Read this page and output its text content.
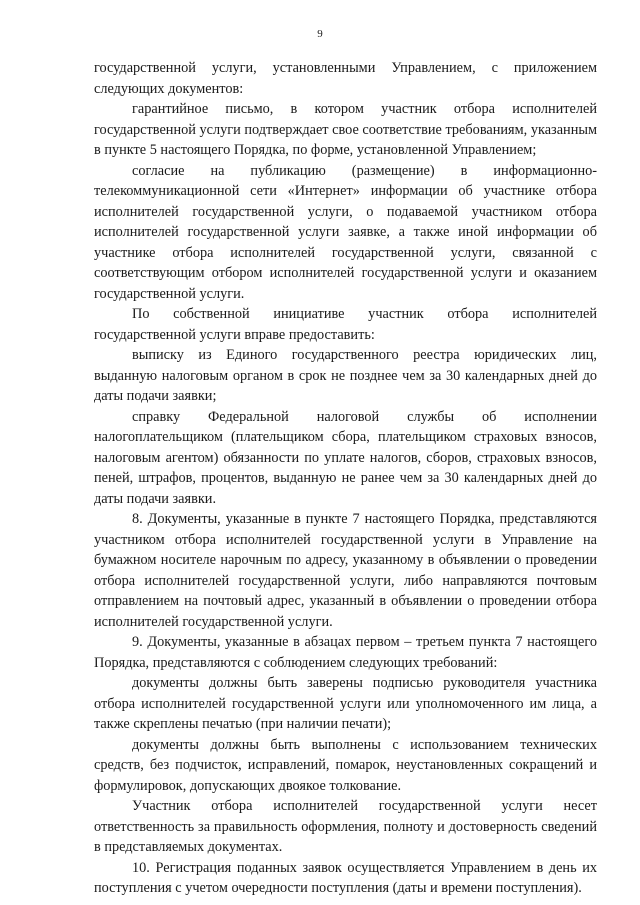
9

государственной услуги, установленными Управлением, с приложением следующих документов:

гарантийное письмо, в котором участник отбора исполнителей государственной услуги подтверждает свое соответствие требованиям, указанным в пункте 5 настоящего Порядка, по форме, установленной Управлением;

согласие на публикацию (размещение) в информационно-телекоммуникационной сети «Интернет» информации об участнике отбора исполнителей государственной услуги, о подаваемой участником отбора исполнителей государственной услуги заявке, а также иной информации об участнике отбора исполнителей государственной услуги, связанной с соответствующим отбором исполнителей государственной услуги и оказанием государственной услуги.

По собственной инициативе участник отбора исполнителей государственной услуги вправе предоставить:

выписку из Единого государственного реестра юридических лиц, выданную налоговым органом в срок не позднее чем за 30 календарных дней до даты подачи заявки;

справку Федеральной налоговой службы об исполнении налогоплательщиком (плательщиком сбора, плательщиком страховых взносов, налоговым агентом) обязанности по уплате налогов, сборов, страховых взносов, пеней, штрафов, процентов, выданную не ранее чем за 30 календарных дней до даты подачи заявки.

8. Документы, указанные в пункте 7 настоящего Порядка, представляются участником отбора исполнителей государственной услуги в Управление на бумажном носителе нарочным по адресу, указанному в объявлении о проведении отбора исполнителей государственной услуги, либо направляются почтовым отправлением на почтовый адрес, указанный в объявлении о проведении отбора исполнителей государственной услуги.

9. Документы, указанные в абзацах первом – третьем пункта 7 настоящего Порядка, представляются с соблюдением следующих требований:

документы должны быть заверены подписью руководителя участника отбора исполнителей государственной услуги или уполномоченного им лица, а также скреплены печатью (при наличии печати);

документы должны быть выполнены с использованием технических средств, без подчисток, исправлений, помарок, неустановленных сокращений и формулировок, допускающих двоякое толкование.

Участник отбора исполнителей государственной услуги несет ответственность за правильность оформления, полноту и достоверность сведений в представляемых документах.

10. Регистрация поданных заявок осуществляется Управлением в день их поступления с учетом очередности поступления (даты и времени поступления).
